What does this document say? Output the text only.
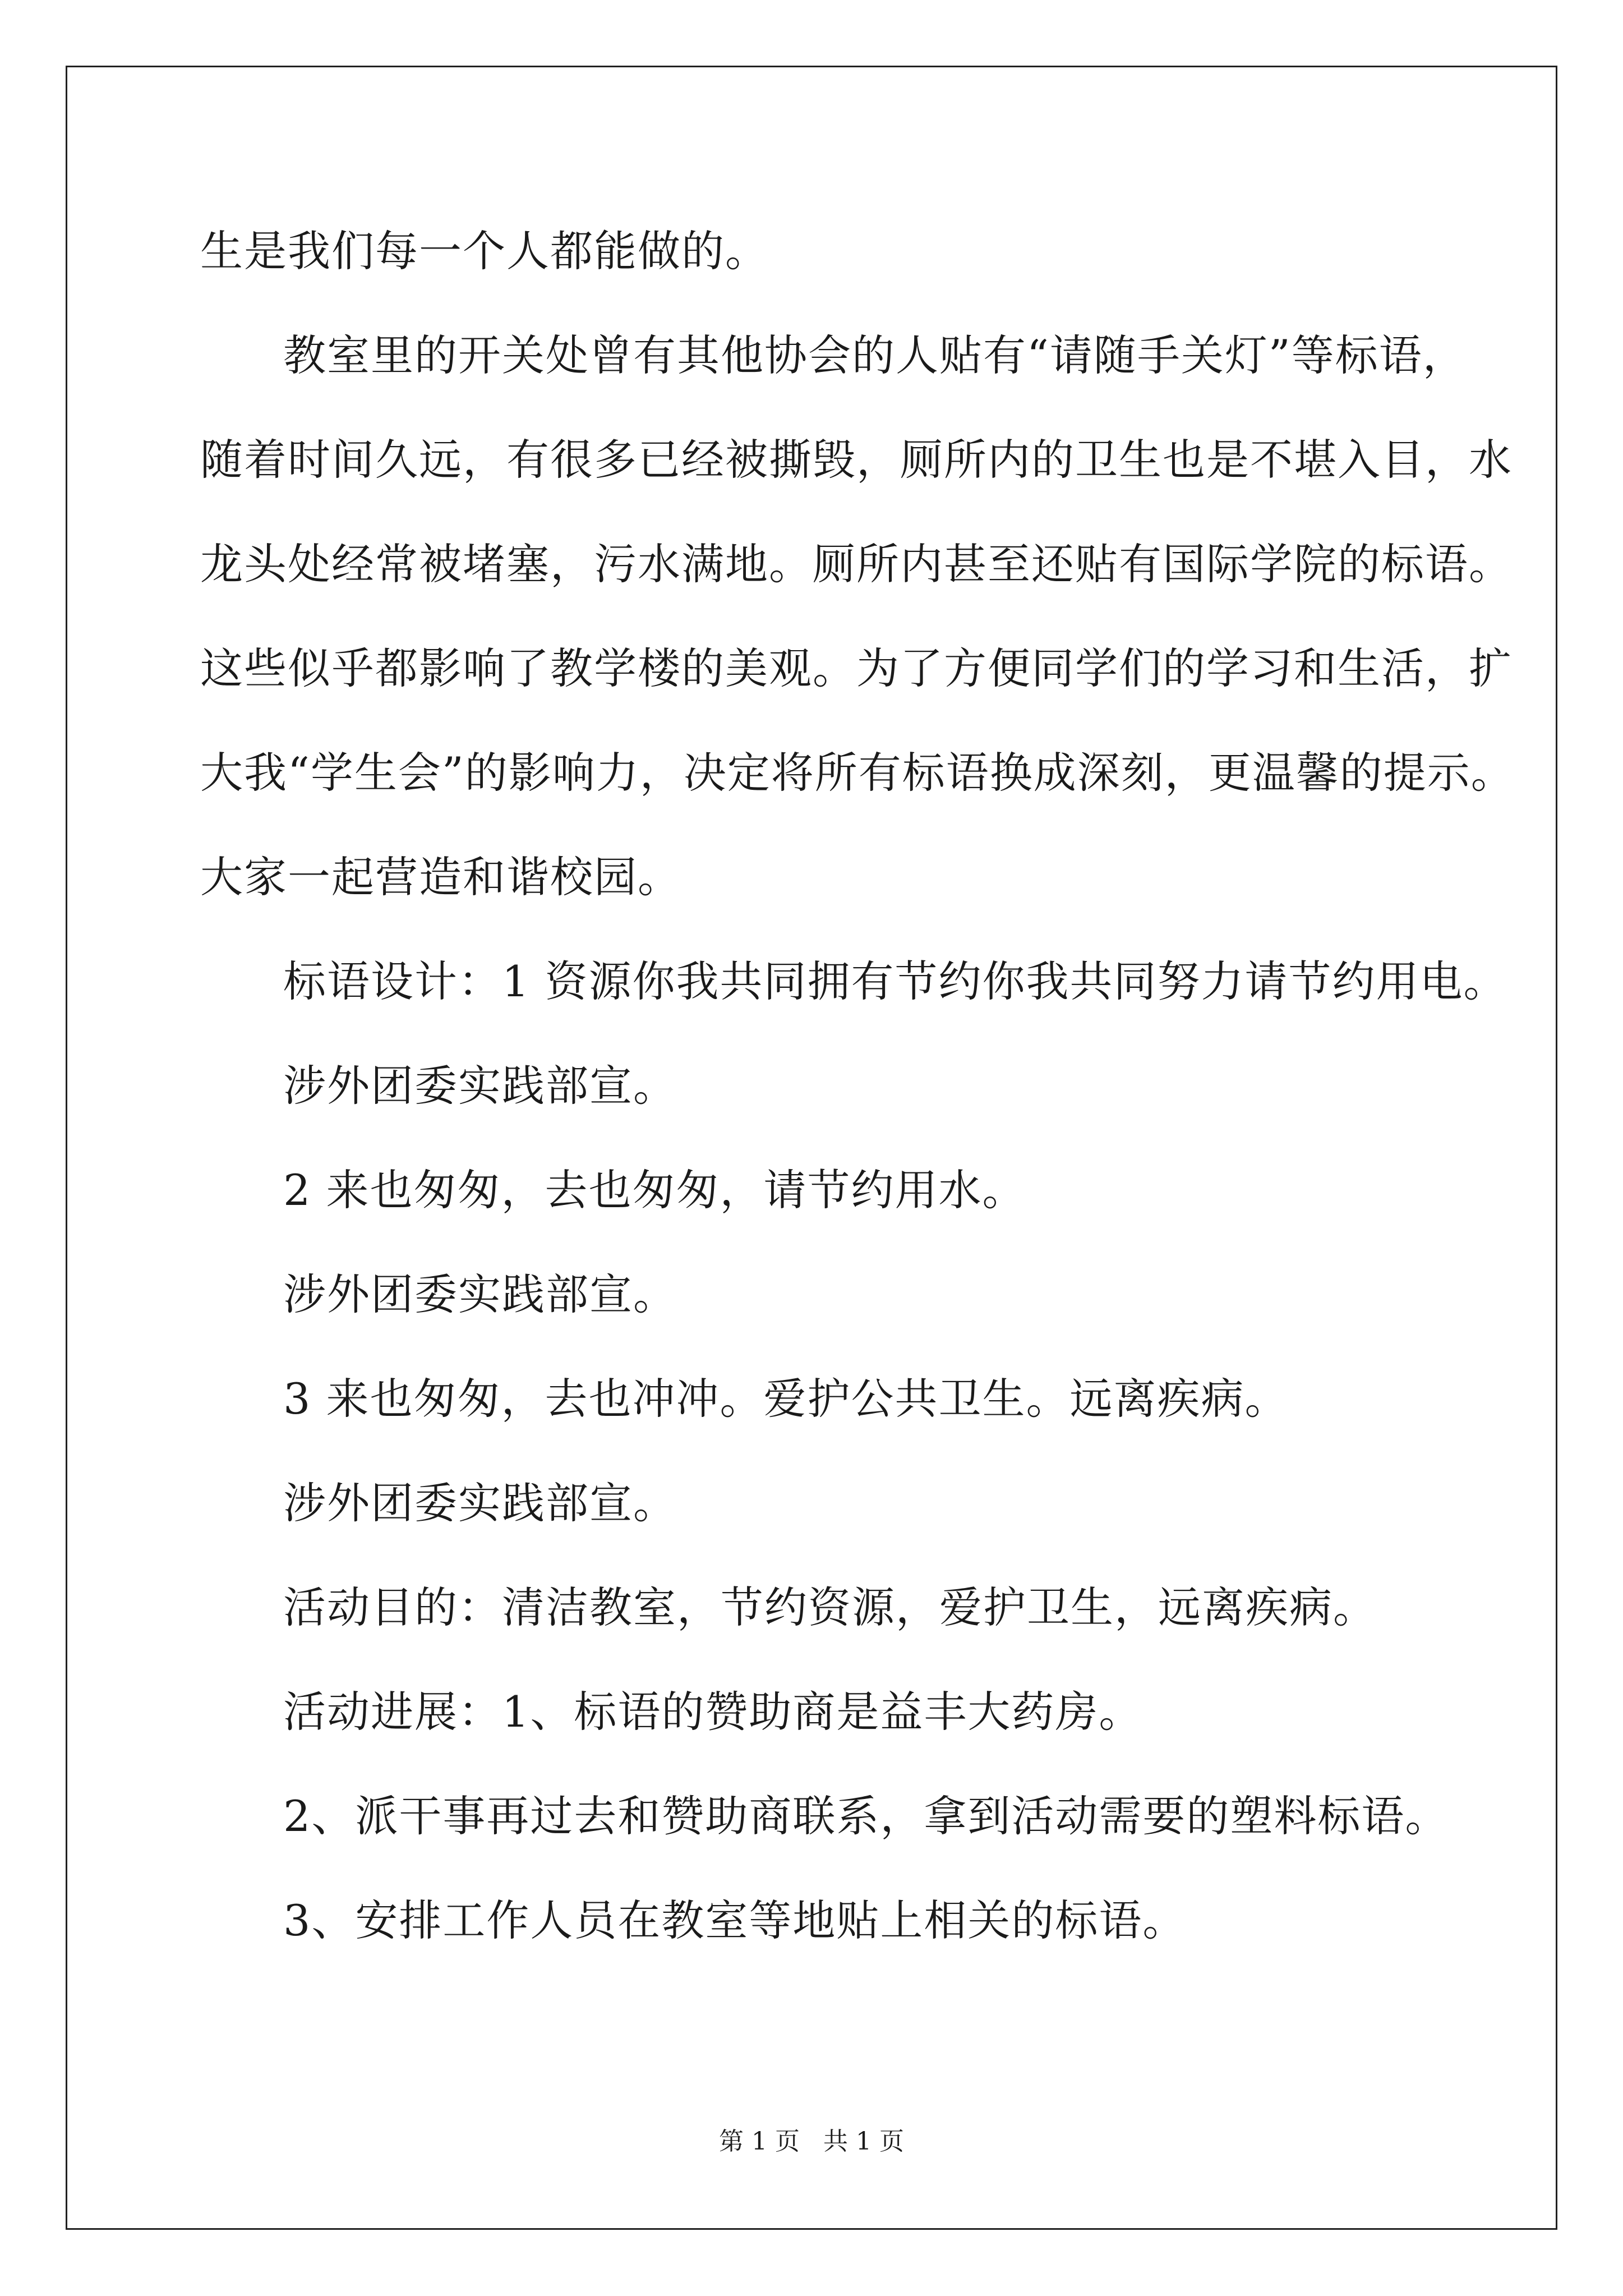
生是我们每一个人都能做的。
教室里的开关处曾有其他协会的人贴有“请随手关灯”等标语，
随着时间久远，有很多已经被撕毁，厕所内的卫生也是不堪入目，水
龙头处经常被堵塞，污水满地。厕所内甚至还贴有国际学院的标语。
这些似乎都影响了教学楼的美观。为了方便同学们的学习和生活，扩
大我“学生会”的影响力，决定将所有标语换成深刻，更温馨的提示。
大家一起营造和谐校园。
标语设计：1 资源你我共同拥有节约你我共同努力请节约用电。
涉外团委实践部宣。
2 来也匆匆，去也匆匆，请节约用水。
涉外团委实践部宣。
3 来也匆匆，去也冲冲。爱护公共卫生。远离疾病。
涉外团委实践部宣。
活动目的：清洁教室，节约资源，爱护卫生，远离疾病。
活动进展：1、标语的赞助商是益丰大药房。
2、派干事再过去和赞助商联系，拿到活动需要的塑料标语。
3、安排工作人员在教室等地贴上相关的标语。
第 1 页   共 1 页
